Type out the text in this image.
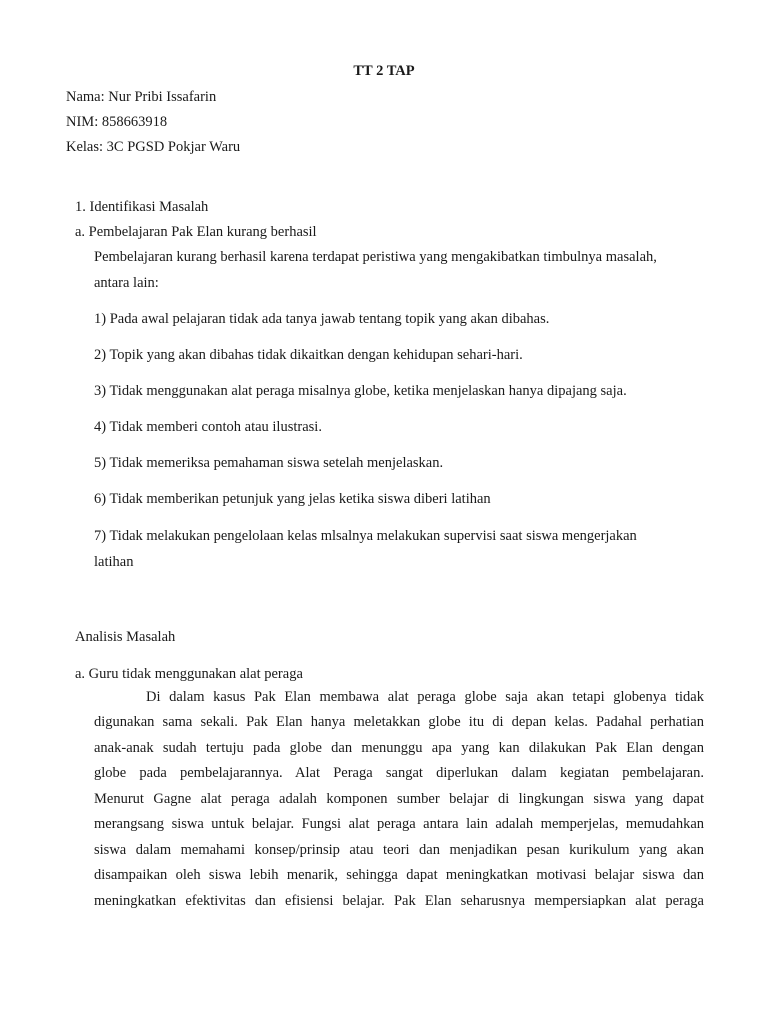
TT 2 TAP
Nama: Nur Pribi Issafarin
NIM: 858663918
Kelas: 3C PGSD Pokjar Waru
1. Identifikasi Masalah
a. Pembelajaran Pak Elan kurang berhasil
Pembelajaran kurang berhasil karena terdapat peristiwa yang mengakibatkan timbulnya masalah,
antara lain:
1) Pada awal pelajaran tidak ada tanya jawab tentang topik yang akan dibahas.
2) Topik yang akan dibahas tidak dikaitkan dengan kehidupan sehari-hari.
3) Tidak menggunakan alat peraga misalnya globe, ketika menjelaskan hanya dipajang saja.
4) Tidak memberi contoh atau ilustrasi.
5) Tidak memeriksa pemahaman siswa setelah menjelaskan.
6) Tidak memberikan petunjuk yang jelas ketika siswa diberi latihan
7) Tidak melakukan pengelolaan kelas mlsalnya melakukan supervisi saat siswa mengerjakan
latihan
Analisis Masalah
a. Guru tidak menggunakan alat peraga
Di dalam kasus Pak Elan membawa alat peraga globe saja akan tetapi globenya tidak
digunakan sama sekali. Pak Elan hanya meletakkan globe itu di depan kelas. Padahal perhatian
anak-anak sudah tertuju pada globe dan menunggu apa yang kan dilakukan Pak Elan dengan
globe pada pembelajarannya. Alat Peraga sangat diperlukan dalam kegiatan pembelajaran.
Menurut Gagne alat peraga adalah komponen sumber belajar di lingkungan siswa yang dapat
merangsang siswa untuk belajar. Fungsi alat peraga antara lain adalah memperjelas, memudahkan
siswa dalam memahami konsep/prinsip atau teori dan menjadikan pesan kurikulum yang akan
disampaikan oleh siswa lebih menarik, sehingga dapat meningkatkan motivasi belajar siswa dan
meningkatkan efektivitas dan efisiensi belajar. Pak Elan seharusnya mempersiapkan alat peraga
